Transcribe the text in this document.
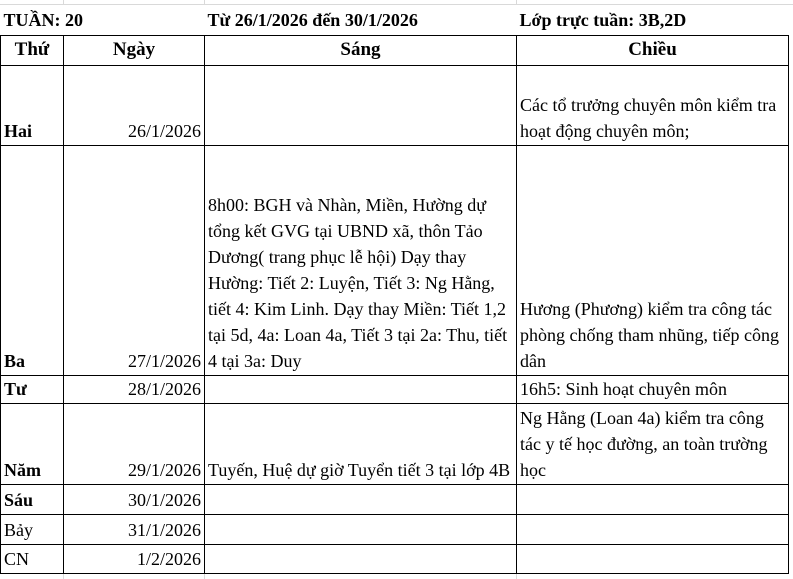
TUẦN: 20		Từ 26/1/2026 đến 30/1/2026	Lớp trực tuần: 3B,2D
Thứ	Ngày	Sáng	Chiều
Hai	26/1/2026		Các tổ trưởng chuyên môn kiểm tra hoạt động chuyên môn;
Ba	27/1/2026	8h00: BGH và Nhàn, Miền, Hường dự tổng kết GVG tại UBND xã, thôn Tảo Dương( trang phục lễ hội) Dạy thay Hường: Tiết 2: Luyện, Tiết 3: Ng Hằng, tiết 4: Kim Linh. Dạy thay Miền: Tiết 1,2 tại 5d, 4a: Loan 4a, Tiết 3 tại 2a: Thu, tiết 4 tại 3a: Duy	Hương (Phương) kiểm tra công tác phòng chống tham nhũng, tiếp công dân
Tư	28/1/2026		16h5: Sinh hoạt chuyên môn
Năm	29/1/2026	Tuyến, Huệ dự giờ Tuyển tiết 3 tại lớp 4B	Ng Hằng (Loan 4a) kiểm tra công tác y tế học đường, an toàn trường học
Sáu	30/1/2026		
Bảy	31/1/2026		
CN	1/2/2026		
